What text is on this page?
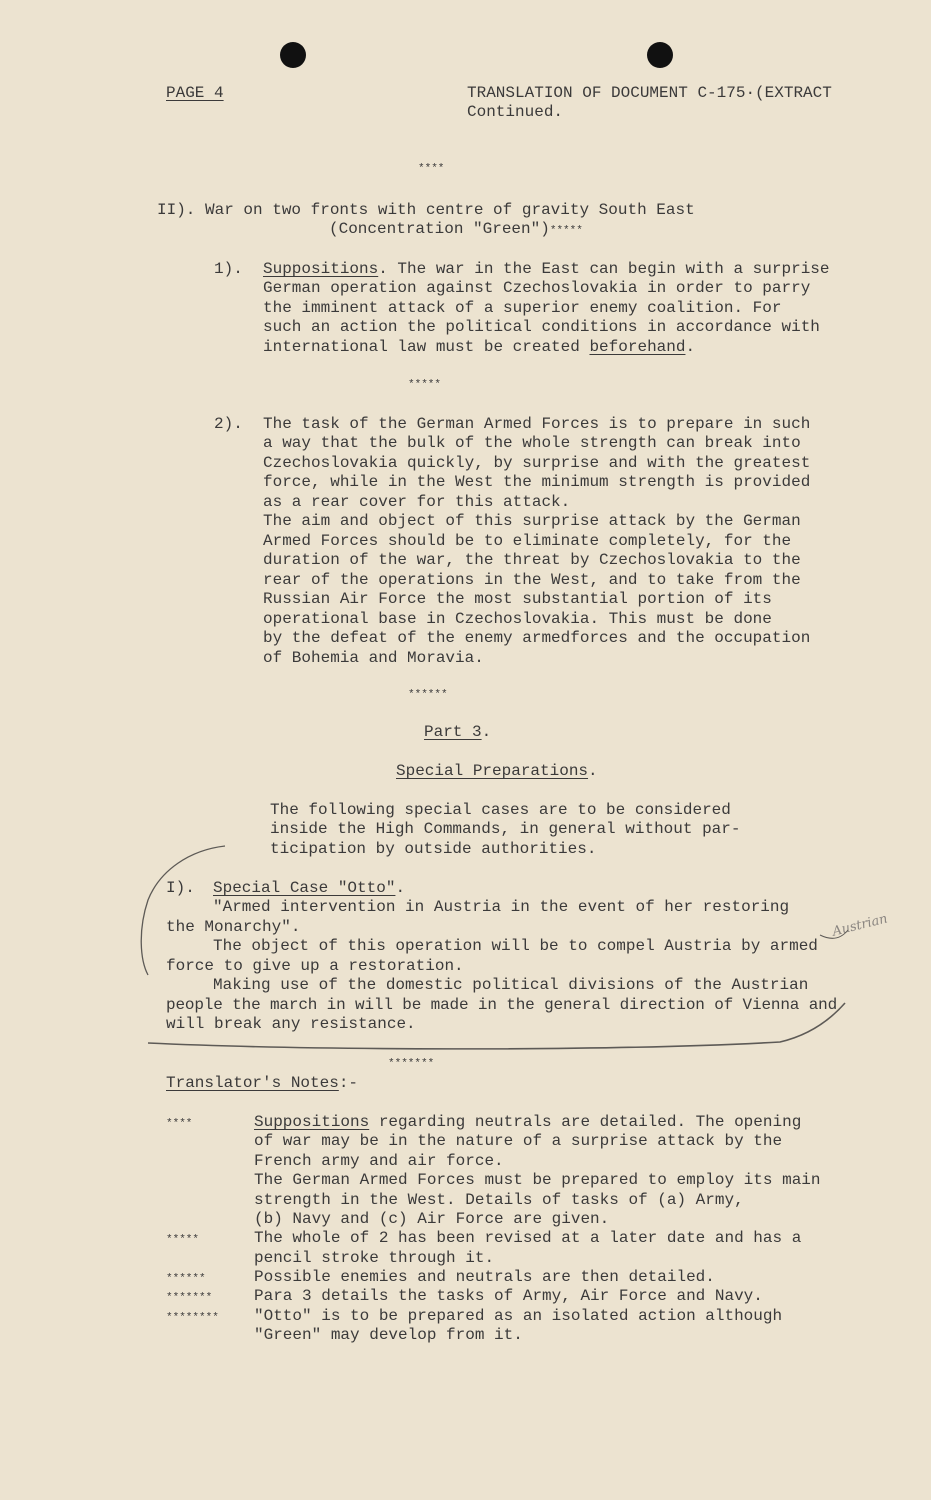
PAGE 4	TRANSLATION OF DOCUMENT C-175·(EXTRACT
Continued.
****
II). War on two fronts with centre of gravity South East
(Concentration "Green")*****
1). Suppositions. The war in the East can begin with a surprise
German operation against Czechoslovakia in order to parry
the imminent attack of a superior enemy coalition. For
such an action the political conditions in accordance with
international law must be created beforehand.
*****
2). The task of the German Armed Forces is to prepare in such
a way that the bulk of the whole strength can break into
Czechoslovakia quickly, by surprise and with the greatest
force, while in the West the minimum strength is provided
as a rear cover for this attack.
The aim and object of this surprise attack by the German
Armed Forces should be to eliminate completely, for the
duration of the war, the threat by Czechoslovakia to the
rear of the operations in the West, and to take from the
Russian Air Force the most substantial portion of its
operational base in Czechoslovakia. This must be done
by the defeat of the enemy armedforces and the occupation
of Bohemia and Moravia.
******
Part 3.
Special Preparations.
The following special cases are to be considered
inside the High Commands, in general without par-
ticipation by outside authorities.
I). Special Case "Otto".
"Armed intervention in Austria in the event of her restoring
the Monarchy".
The object of this operation will be to compel Austria by armed
force to give up a restoration.
Making use of the domestic political divisions of the Austrian
people the march in will be made in the general direction of Vienna and
will break any resistance.
Austrian
*******
Translator's Notes:-
****	Suppositions regarding neutrals are detailed. The opening
of war may be in the nature of a surprise attack by the
French army and air force.
The German Armed Forces must be prepared to employ its main
strength in the West. Details of tasks of (a) Army,
(b) Navy and (c) Air Force are given.
*****	The whole of 2 has been revised at a later date and has a
pencil stroke through it.
******	Possible enemies and neutrals are then detailed.
*******	Para 3 details the tasks of Army, Air Force and Navy.
******** "Otto" is to be prepared as an isolated action although
"Green" may develop from it.
